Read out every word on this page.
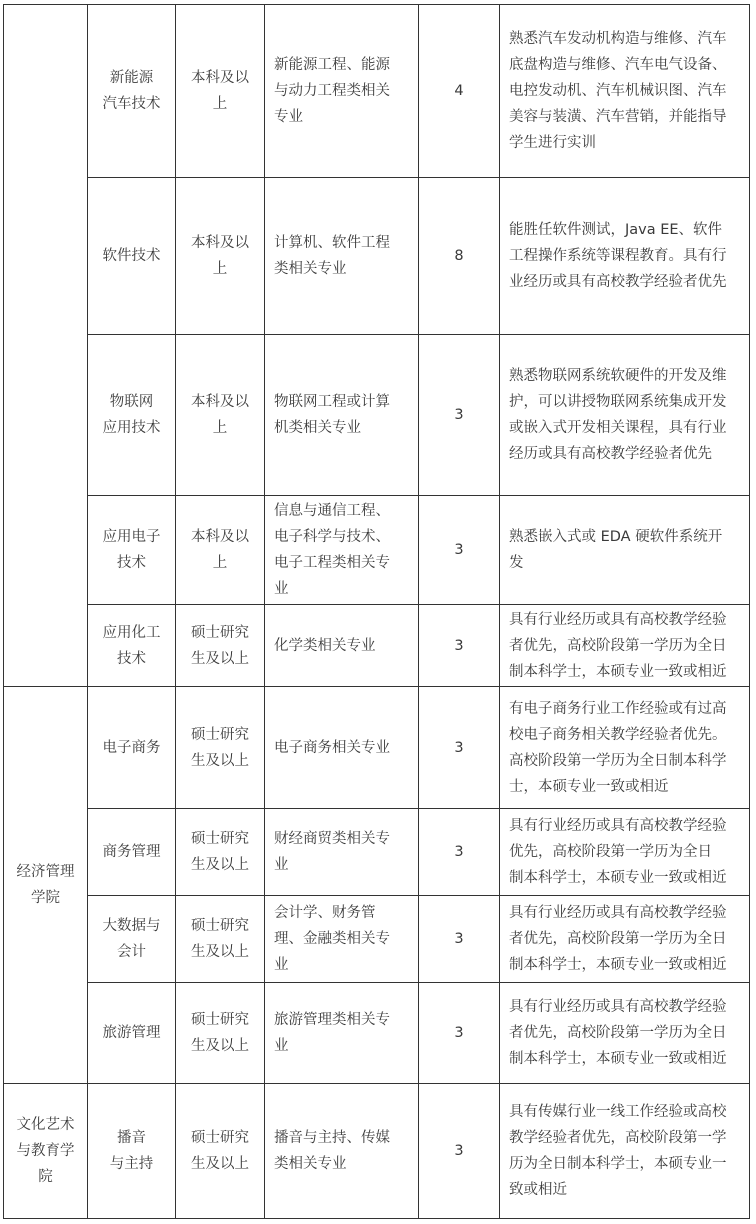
	新能源
汽车技术	本科及以
上	新能源工程、能源
与动力工程类相关
专业	4	熟悉汽车发动机构造与维修、汽车
底盘构造与维修、汽车电气设备、
电控发动机、汽车机械识图、汽车
美容与装潢、汽车营销，并能指导
学生进行实训
	软件技术	本科及以
上	计算机、软件工程
类相关专业	8	能胜任软件测试，Java EE、软件
工程操作系统等课程教育。具有行
业经历或具有高校教学经验者优先
	物联网
应用技术	本科及以
上	物联网工程或计算
机类相关专业	3	熟悉物联网系统软硬件的开发及维
护，可以讲授物联网系统集成开发
或嵌入式开发相关课程，具有行业
经历或具有高校教学经验者优先
	应用电子
技术	本科及以
上	信息与通信工程、
电子科学与技术、
电子工程类相关专
业	3	熟悉嵌入式或 EDA 硬软件系统开
发
	应用化工
技术	硕士研究
生及以上	化学类相关专业	3	具有行业经历或具有高校教学经验
者优先，高校阶段第一学历为全日
制本科学士，本硕专业一致或相近
经济管理
学院	电子商务	硕士研究
生及以上	电子商务相关专业	3	有电子商务行业工作经验或有过高
校电子商务相关教学经验者优先。
高校阶段第一学历为全日制本科学
士，本硕专业一致或相近
	商务管理	硕士研究
生及以上	财经商贸类相关专
业	3	具有行业经历或具有高校教学经验
优先，高校阶段第一学历为全日
制本科学士，本硕专业一致或相近
	大数据与
会计	硕士研究
生及以上	会计学、财务管
理、金融类相关专
业	3	具有行业经历或具有高校教学经验
者优先，高校阶段第一学历为全日
制本科学士，本硕专业一致或相近
	旅游管理	硕士研究
生及以上	旅游管理类相关专
业	3	具有行业经历或具有高校教学经验
者优先，高校阶段第一学历为全日
制本科学士，本硕专业一致或相近
文化艺术
与教育学
院	播音
与主持	硕士研究
生及以上	播音与主持、传媒
类相关专业	3	具有传媒行业一线工作经验或高校
教学经验者优先，高校阶段第一学
历为全日制本科学士，本硕专业一
致或相近
